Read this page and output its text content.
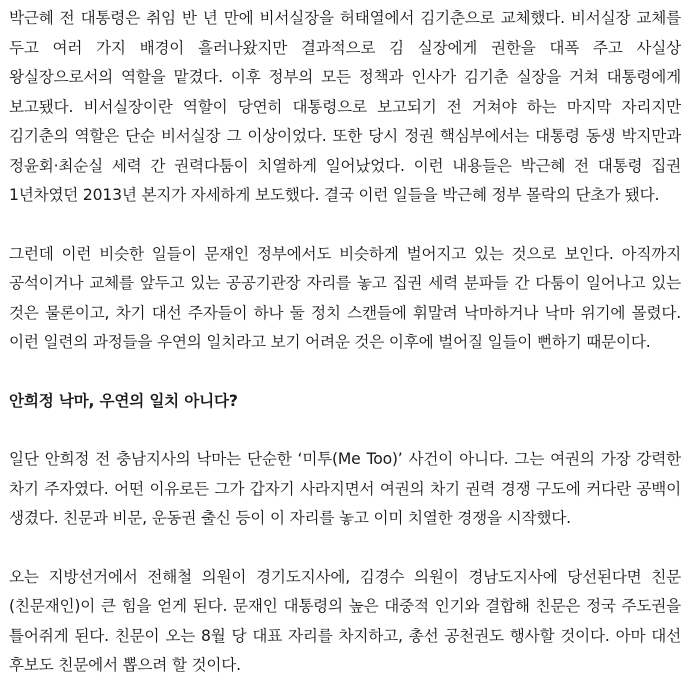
박근혜 전 대통령은 취임 반 년 만에 비서실장을 허태열에서 김기춘으로 교체했다. 비서실장 교체를 두고 여러 가지 배경이 흘러나왔지만 결과적으로 김 실장에게 권한을 대폭 주고 사실상 왕실장으로서의 역할을 맡겼다. 이후 정부의 모든 정책과 인사가 김기춘 실장을 거쳐 대통령에게 보고됐다. 비서실장이란 역할이 당연히 대통령으로 보고되기 전 거쳐야 하는 마지막 자리지만 김기춘의 역할은 단순 비서실장 그 이상이었다. 또한 당시 정권 핵심부에서는 대통령 동생 박지만과 정윤회·최순실 세력 간 권력다툼이 치열하게 일어났었다. 이런 내용들은 박근혜 전 대통령 집권 1년차였던 2013년 본지가 자세하게 보도했다. 결국 이런 일들을 박근혜 정부 몰락의 단초가 됐다.

그런데 이런 비슷한 일들이 문재인 정부에서도 비슷하게 벌어지고 있는 것으로 보인다. 아직까지 공석이거나 교체를 앞두고 있는 공공기관장 자리를 놓고 집권 세력 분파들 간 다툼이 일어나고 있는 것은 물론이고, 차기 대선 주자들이 하나 둘 정치 스캔들에 휘말려 낙마하거나 낙마 위기에 몰렸다. 이런 일련의 과정들을 우연의 일치라고 보기 어려운 것은 이후에 벌어질 일들이 뻔하기 때문이다.

안희정 낙마, 우연의 일치 아니다?

일단 안희정 전 충남지사의 낙마는 단순한 ‘미투(Me Too)’ 사건이 아니다. 그는 여권의 가장 강력한 차기 주자였다. 어떤 이유로든 그가 갑자기 사라지면서 여권의 차기 권력 경쟁 구도에 커다란 공백이 생겼다. 친문과 비문, 운동권 출신 등이 이 자리를 놓고 이미 치열한 경쟁을 시작했다.

오는 지방선거에서 전해철 의원이 경기도지사에, 김경수 의원이 경남도지사에 당선된다면 친문(친문재인)이 큰 힘을 얻게 된다. 문재인 대통령의 높은 대중적 인기와 결합해 친문은 정국 주도권을 틀어쥐게 된다. 친문이 오는 8월 당 대표 자리를 차지하고, 총선 공천권도 행사할 것이다. 아마 대선 후보도 친문에서 뽑으려 할 것이다.
